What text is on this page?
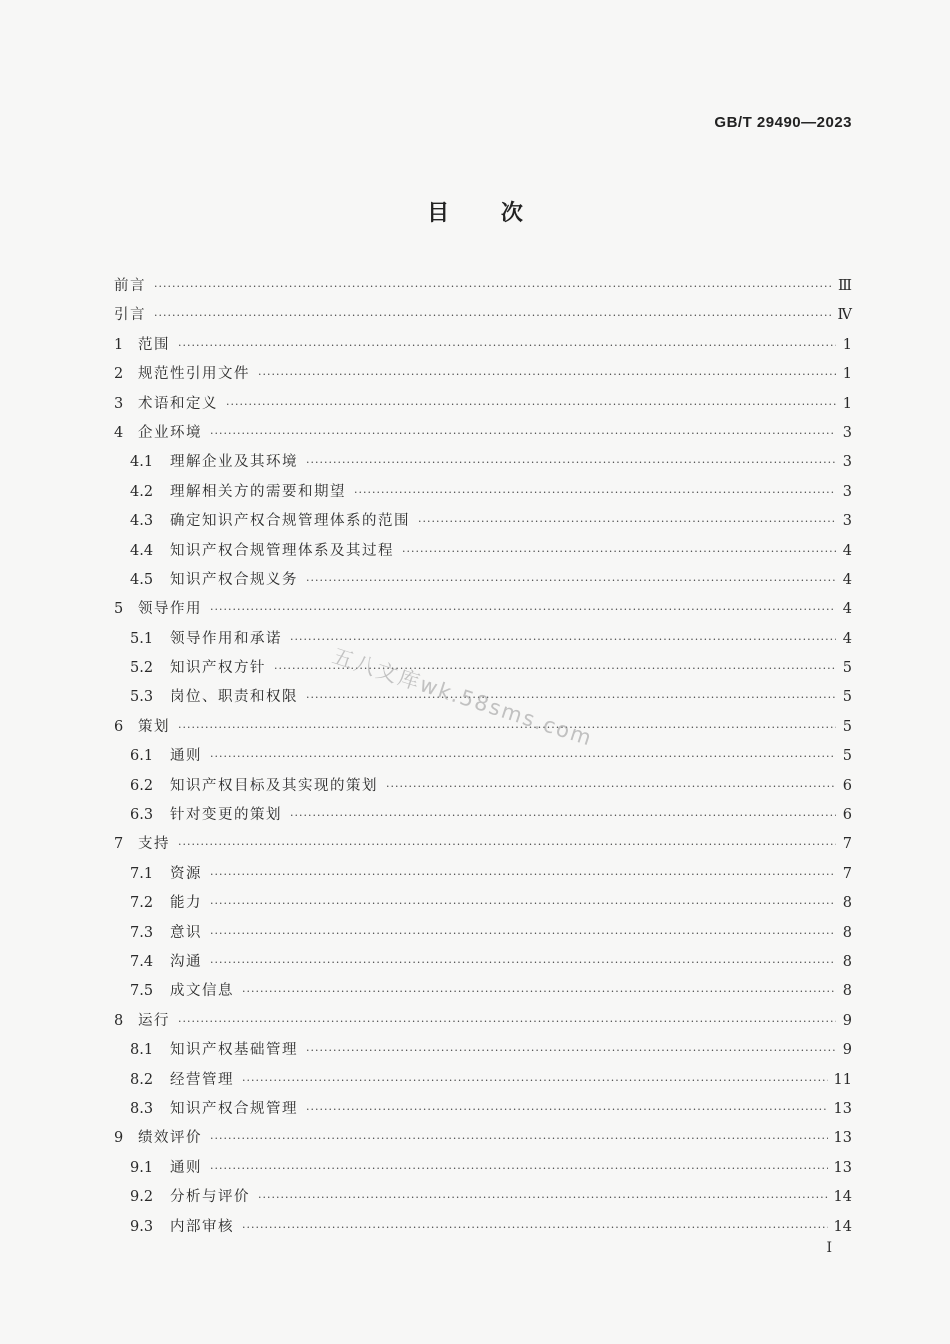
GB/T 29490—2023
目 次
前言 ·····	Ⅲ
引言 ·····	Ⅳ
1	范围 ·····	1
2	规范性引用文件 ·····	1
3	术语和定义 ·····	1
4	企业环境 ·····	3
4.1	理解企业及其环境 ·····	3
4.2	理解相关方的需要和期望 ·····	3
4.3	确定知识产权合规管理体系的范围 ·····	3
4.4	知识产权合规管理体系及其过程 ·····	4
4.5	知识产权合规义务 ·····	4
5	领导作用 ·····	4
5.1	领导作用和承诺 ·····	4
5.2	知识产权方针 ·····	5
5.3	岗位、职责和权限 ·····	5
6	策划 ·····	5
6.1	通则 ·····	5
6.2	知识产权目标及其实现的策划 ·····	6
6.3	针对变更的策划 ·····	6
7	支持 ·····	7
7.1	资源 ·····	7
7.2	能力 ·····	8
7.3	意识 ·····	8
7.4	沟通 ·····	8
7.5	成文信息 ·····	8
8	运行 ·····	9
8.1	知识产权基础管理 ·····	9
8.2	经营管理 ·····	11
8.3	知识产权合规管理 ·····	13
9	绩效评价 ·····	13
9.1	通则 ·····	13
9.2	分析与评价 ·····	14
9.3	内部审核 ·····	14
I
五八文库wk.58sms.com
